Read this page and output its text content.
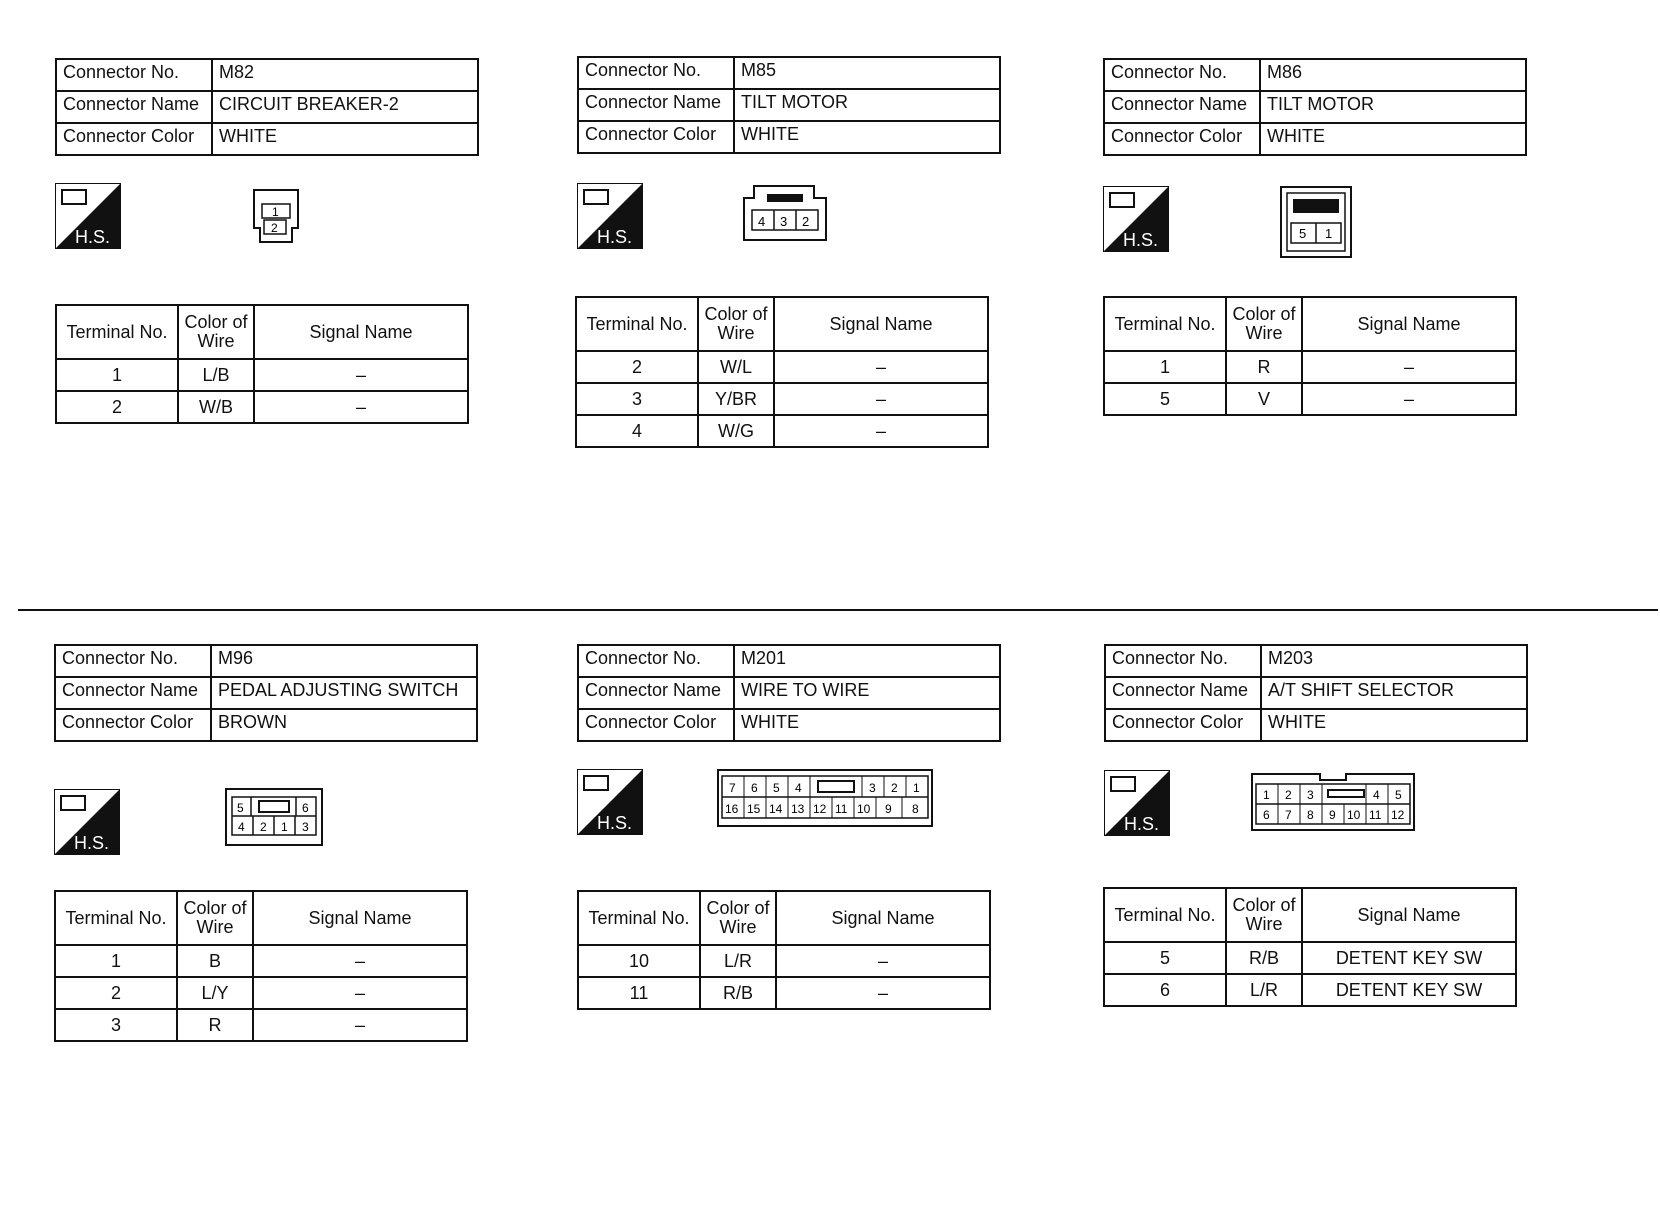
Connector No.	M82
Connector Name	CIRCUIT BREAKER-2
Connector Color	WHITE
H.S.
1
2
Terminal No.	Color of Wire	Signal Name
1	L/B	–
2	W/B	–
Connector No.	M85
Connector Name	TILT MOTOR
Connector Color	WHITE
H.S.
4 3 2
Terminal No.	Color of Wire	Signal Name
2	W/L	–
3	Y/BR	–
4	W/G	–
Connector No.	M86
Connector Name	TILT MOTOR
Connector Color	WHITE
H.S.	5 1
Terminal No.	Color of Wire	Signal Name
1	R	–
5	V	–
Connector No.	M96
Connector Name	PEDAL ADJUSTING SWITCH
Connector Color	BROWN
H.S.
5	6
4 2 1 3
Terminal No.	Color of Wire	Signal Name
1	B	–
2	L/Y	–
3	R	–
Connector No.	M201
Connector Name	WIRE TO WIRE
Connector Color	WHITE
H.S.
7 6 5 4	3 2 1
16 15 14 13 12 11 10 9 8
Terminal No.	Color of Wire	Signal Name
10	L/R	–
11	R/B	–
Connector No.	M203
Connector Name	A/T SHIFT SELECTOR
Connector Color	WHITE
H.S.
1 2 3	4 5
6 7 8 9 10 11 12
Terminal No.	Color of Wire	Signal Name
5	R/B	DETENT KEY SW
6	L/R	DETENT KEY SW
